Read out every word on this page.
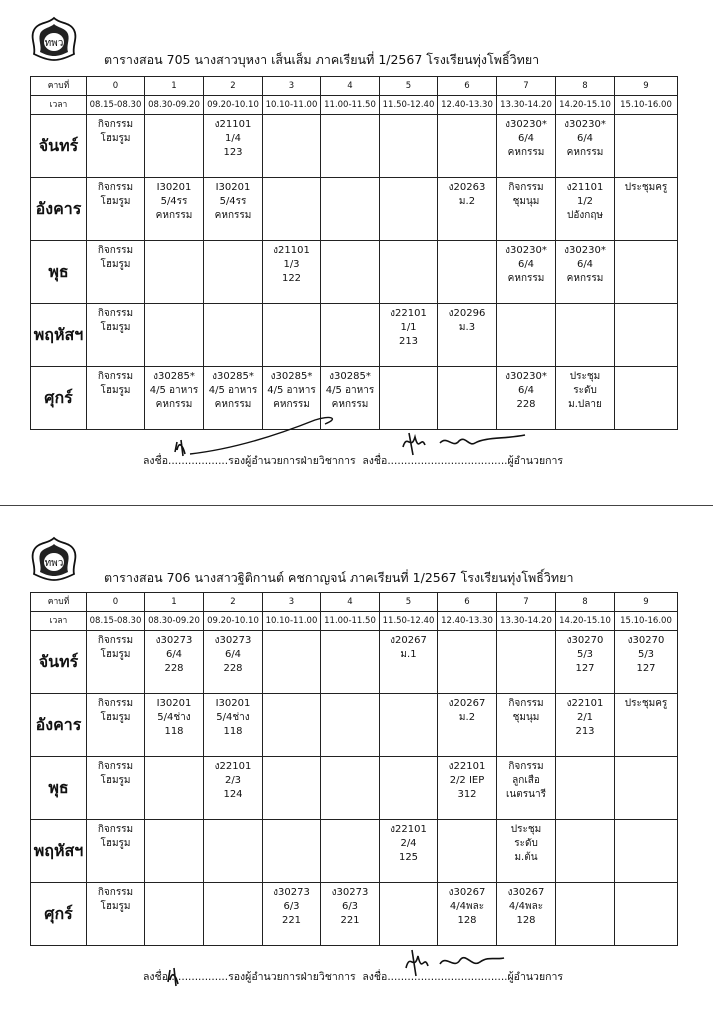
ทพว
ตารางสอน 705 นางสาวบุหงา เส็นเส็ม ภาคเรียนที่ 1/2567 โรงเรียนทุ่งโพธิ์วิทยา
คาบที่	0	1	2	3	4	5	6	7	8	9
เวลา	08.15-08.30	08.30-09.20	09.20-10.10	10.10-11.00	11.00-11.50	11.50-12.40	12.40-13.30	13.30-14.20	14.20-15.10	15.10-16.00
จันทร์	กิจกรรม
โฮมรูม		ง21101
1/4
123					ง30230*
6/4
คหกรรม	ง30230*
6/4
คหกรรม	

อังคาร	กิจกรรม
โฮมรูม	I30201
5/4รร
คหกรรม	I30201
5/4รร
คหกรรม				ง20263
ม.2	กิจกรรม
ชุมนุม	ง21101
1/2
ปอังกฤษ	ประชุมครู

พุธ	กิจกรรม
โฮมรูม			ง21101
1/3
122				ง30230*
6/4
คหกรรม	ง30230*
6/4
คหกรรม	

พฤหัสฯ	กิจกรรม
โฮมรูม					ง22101
1/1
213	ง20296
ม.3			

ศุกร์	กิจกรรม
โฮมรูม	ง30285*
4/5 อาหาร
คหกรรม	ง30285*
4/5 อาหาร
คหกรรม	ง30285*
4/5 อาหาร
คหกรรม	ง30285*
4/5 อาหาร
คหกรรม			ง30230*
6/4
228	ประชุม
ระดับ
ม.ปลาย	

ลงชื่อ..................รองผู้อำนวยการฝ่ายวิชาการ ลงชื่อ....................................ผู้อำนวยการ
ทพว
ตารางสอน 706 นางสาวฐิติกานต์ คชกาญจน์ ภาคเรียนที่ 1/2567 โรงเรียนทุ่งโพธิ์วิทยา
คาบที่	0	1	2	3	4	5	6	7	8	9
เวลา	08.15-08.30	08.30-09.20	09.20-10.10	10.10-11.00	11.00-11.50	11.50-12.40	12.40-13.30	13.30-14.20	14.20-15.10	15.10-16.00
จันทร์	กิจกรรม
โฮมรูม	ง30273
6/4
228	ง30273
6/4
228			ง20267
ม.1			ง30270
5/3
127	ง30270
5/3
127

อังคาร	กิจกรรม
โฮมรูม	I30201
5/4ช่าง
118	I30201
5/4ช่าง
118				ง20267
ม.2	กิจกรรม
ชุมนุม	ง22101
2/1
213	ประชุมครู

พุธ	กิจกรรม
โฮมรูม		ง22101
2/3
124				ง22101
2/2 IEP
312	กิจกรรม
ลูกเสือ
เนตรนารี		

พฤหัสฯ	กิจกรรม
โฮมรูม					ง22101
2/4
125		ประชุม
ระดับ
ม.ต้น		

ศุกร์	กิจกรรม
โฮมรูม			ง30273
6/3
221	ง30273
6/3
221		ง30267
4/4พละ
128	ง30267
4/4พละ
128		

ลงชื่อ..................รองผู้อำนวยการฝ่ายวิชาการ ลงชื่อ....................................ผู้อำนวยการ
